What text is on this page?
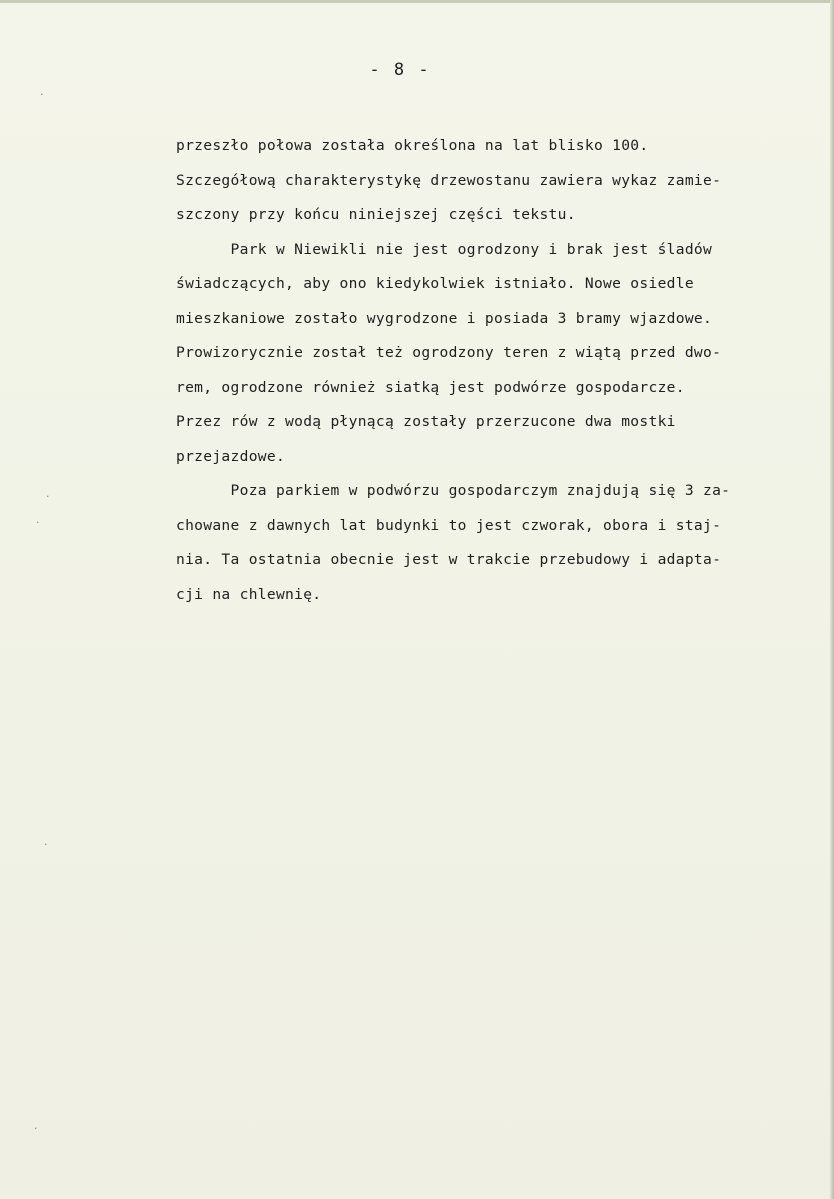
·
·
·
·
·
- 8 -
przeszło połowa została określona na lat blisko 100.
Szczegółową charakterystykę drzewostanu zawiera wykaz zamie-
szczony przy końcu niniejszej części tekstu.
Park w Niewikli nie jest ogrodzony i brak jest śladów
świadczących, aby ono kiedykolwiek istniało. Nowe osiedle
mieszkaniowe zostało wygrodzone i posiada 3 bramy wjazdowe.
Prowizorycznie został też ogrodzony teren z wiątą przed dwo-
rem, ogrodzone również siatką jest podwórze gospodarcze.
Przez rów z wodą płynącą zostały przerzucone dwa mostki
przejazdowe.
Poza parkiem w podwórzu gospodarczym znajdują się 3 za-
chowane z dawnych lat budynki to jest czworak, obora i staj-
nia. Ta ostatnia obecnie jest w trakcie przebudowy i adapta-
cji na chlewnię.
